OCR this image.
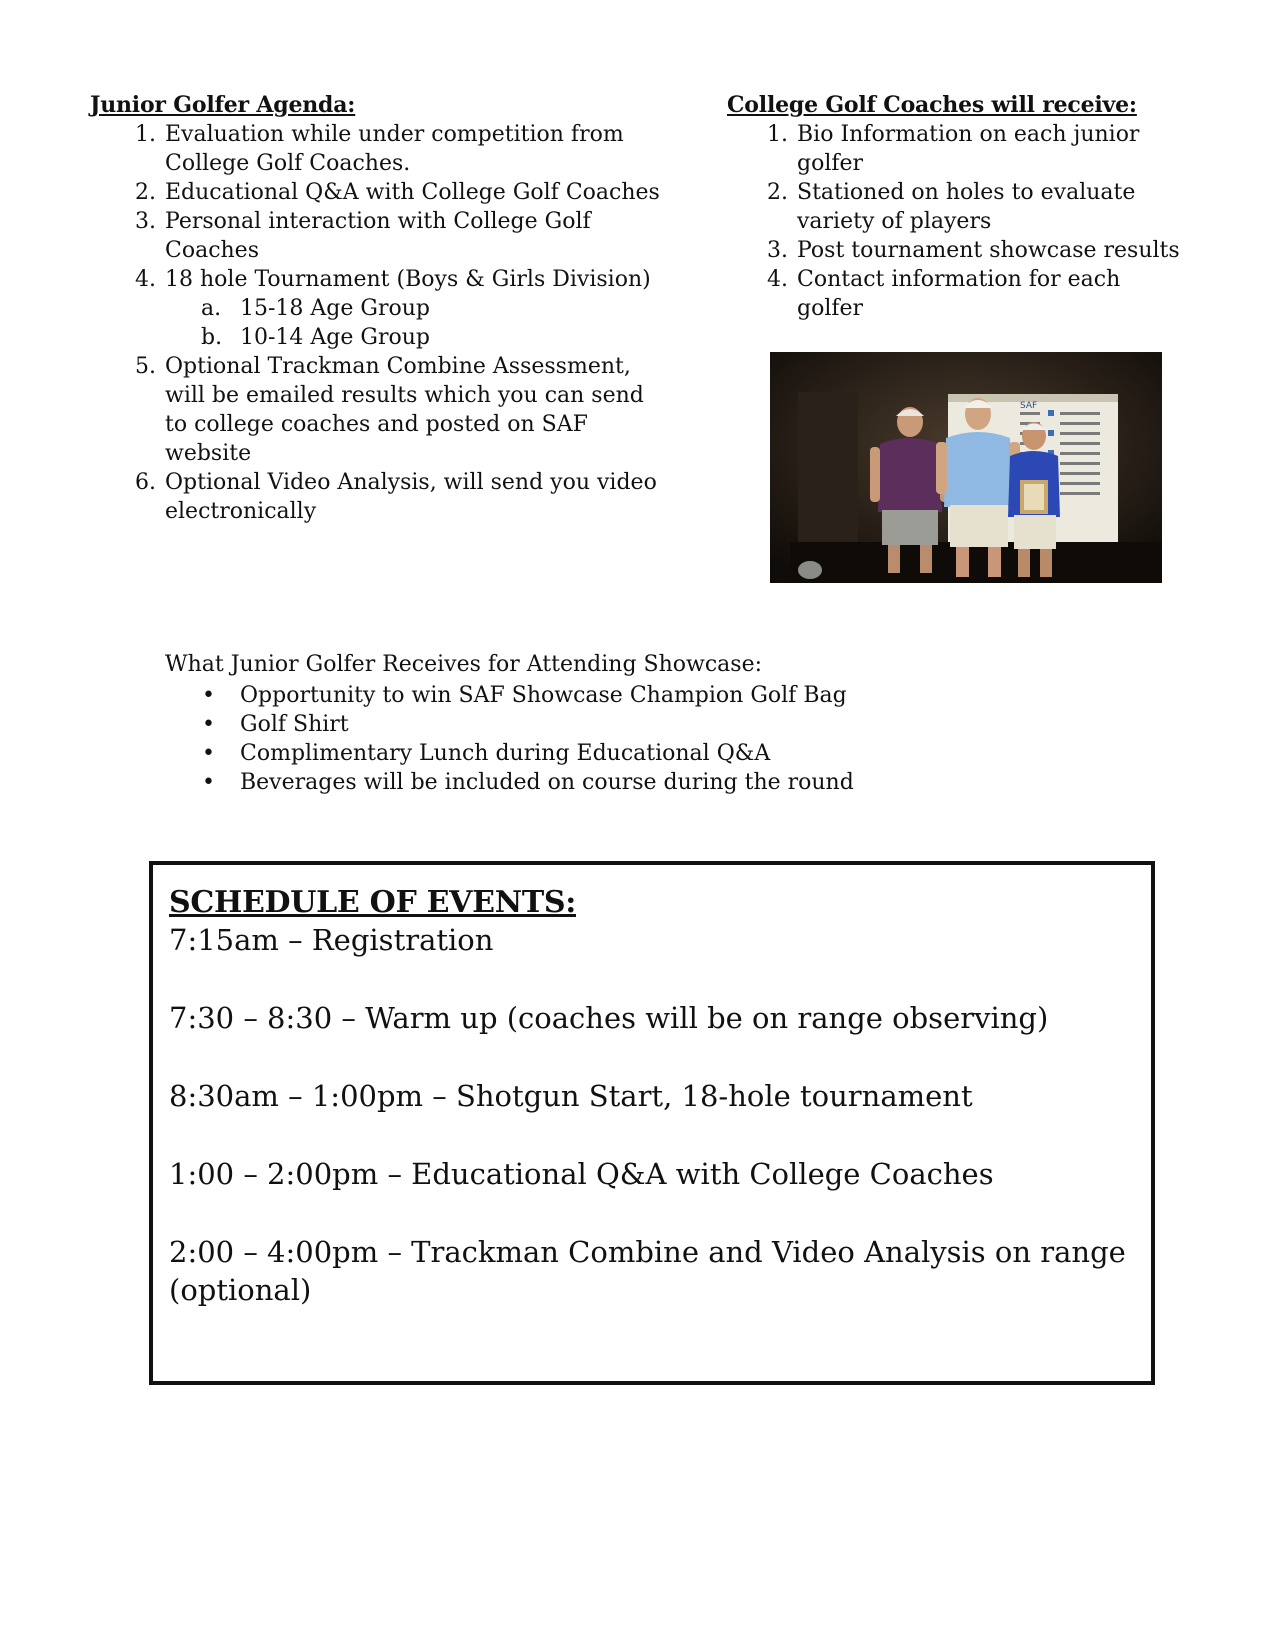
Junior Golfer Agenda:

1. Evaluation while under competition from College Golf Coaches.
2. Educational Q&A with College Golf Coaches
3. Personal interaction with College Golf Coaches
4. 18 hole Tournament (Boys & Girls Division)
a. 15-18 Age Group
b. 10-14 Age Group
5. Optional Trackman Combine Assessment, will be emailed results which you can send to college coaches and posted on SAF website
6. Optional Video Analysis, will send you video electronically

College Golf Coaches will receive:

1. Bio Information on each junior golfer
2. Stationed on holes to evaluate variety of players
3. Post tournament showcase results
4. Contact information for each golfer
SAF

What Junior Golfer Receives for Attending Showcase:

• Opportunity to win SAF Showcase Champion Golf Bag
• Golf Shirt
• Complimentary Lunch during Educational Q&A
• Beverages will be included on course during the round

SCHEDULE OF EVENTS:

7:15am – Registration
7:30 – 8:30 – Warm up (coaches will be on range observing)
8:30am – 1:00pm – Shotgun Start, 18-hole tournament
1:00 – 2:00pm – Educational Q&A with College Coaches
2:00 – 4:00pm – Trackman Combine and Video Analysis on range (optional)
